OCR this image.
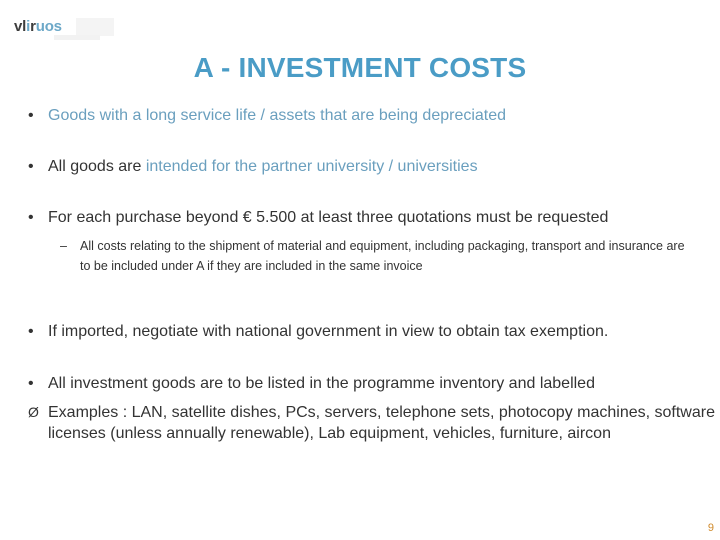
vliruos
A - INVESTMENT COSTS
• Goods with a long service life / assets that are being depreciated
• All goods are intended for the partner university / universities
• For each purchase beyond € 5.500 at least three quotations must be requested
– All costs relating to the shipment of material and equipment, including packaging, transport and insurance are to be included under A if they are included in the same invoice
• If imported, negotiate with national government in view to obtain tax exemption.
• All investment goods are to be listed in the programme inventory and labelled
Ø Examples : LAN, satellite dishes, PCs, servers, telephone sets, photocopy machines, software licenses (unless annually renewable), Lab equipment, vehicles, furniture, aircon
9
